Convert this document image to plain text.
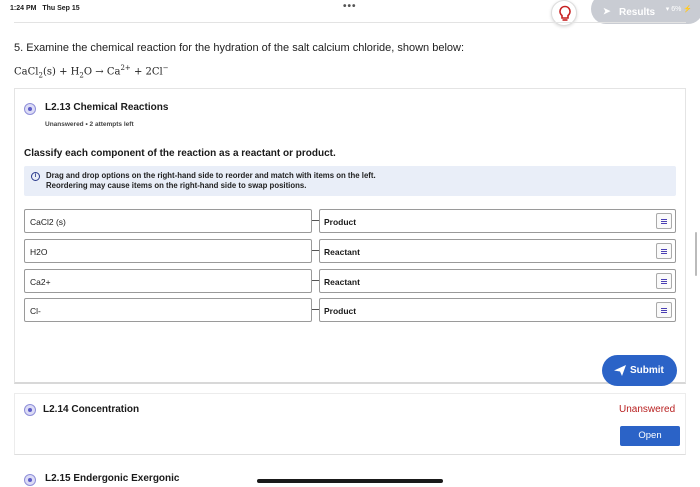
1:24 PM Thu Sep 15	•••	➤ Results	▾ 6% ⚡
5. Examine the chemical reaction for the hydration of the salt calcium chloride, shown below:
CaCl$_2$(s) + $H_2O \to Ca^{2+} + 2Cl^-$
L2.13 Chemical Reactions
Unanswered • 2 attempts left
Classify each component of the reaction as a reactant or product.
i	Drag and drop options on the right-hand side to reorder and match with items on the left.
Reordering may cause items on the right-hand side to swap positions.
CaCl2 (s)	Product
H2O	Reactant
Ca2+	Reactant
Cl-	Product
Submit
L2.14 Concentration	Unanswered
Open
L2.15 Endergonic Exergonic
